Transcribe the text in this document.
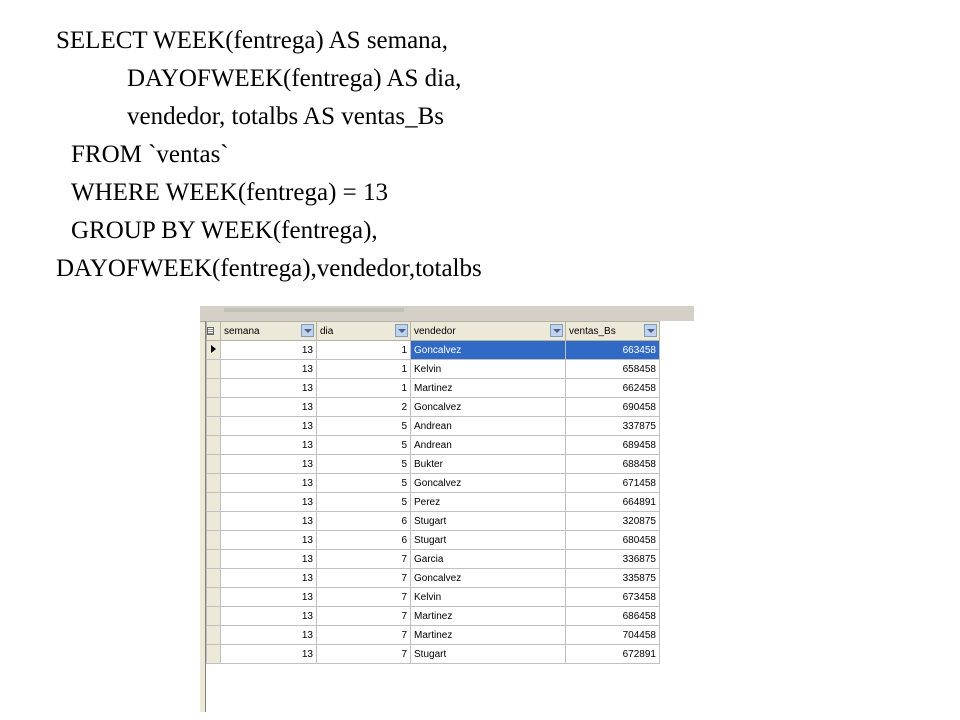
SELECT WEEK(fentrega) AS semana,
DAYOFWEEK(fentrega) AS dia,
vendedor, totalbs AS ventas_Bs
FROM `ventas`
WHERE WEEK(fentrega) = 13
GROUP BY WEEK(fentrega),
DAYOFWEEK(fentrega),vendedor,totalbs
	semana	dia	vendedor	ventas_Bs

	13	1	Goncalvez	663458
	13	1	Kelvin	658458
	13	1	Martinez	662458
	13	2	Goncalvez	690458
	13	5	Andrean	337875
	13	5	Andrean	689458
	13	5	Bukter	688458
	13	5	Goncalvez	671458
	13	5	Perez	664891
	13	6	Stugart	320875
	13	6	Stugart	680458
	13	7	Garcia	336875
	13	7	Goncalvez	335875
	13	7	Kelvin	673458
	13	7	Martinez	686458
	13	7	Martinez	704458
	13	7	Stugart	672891
